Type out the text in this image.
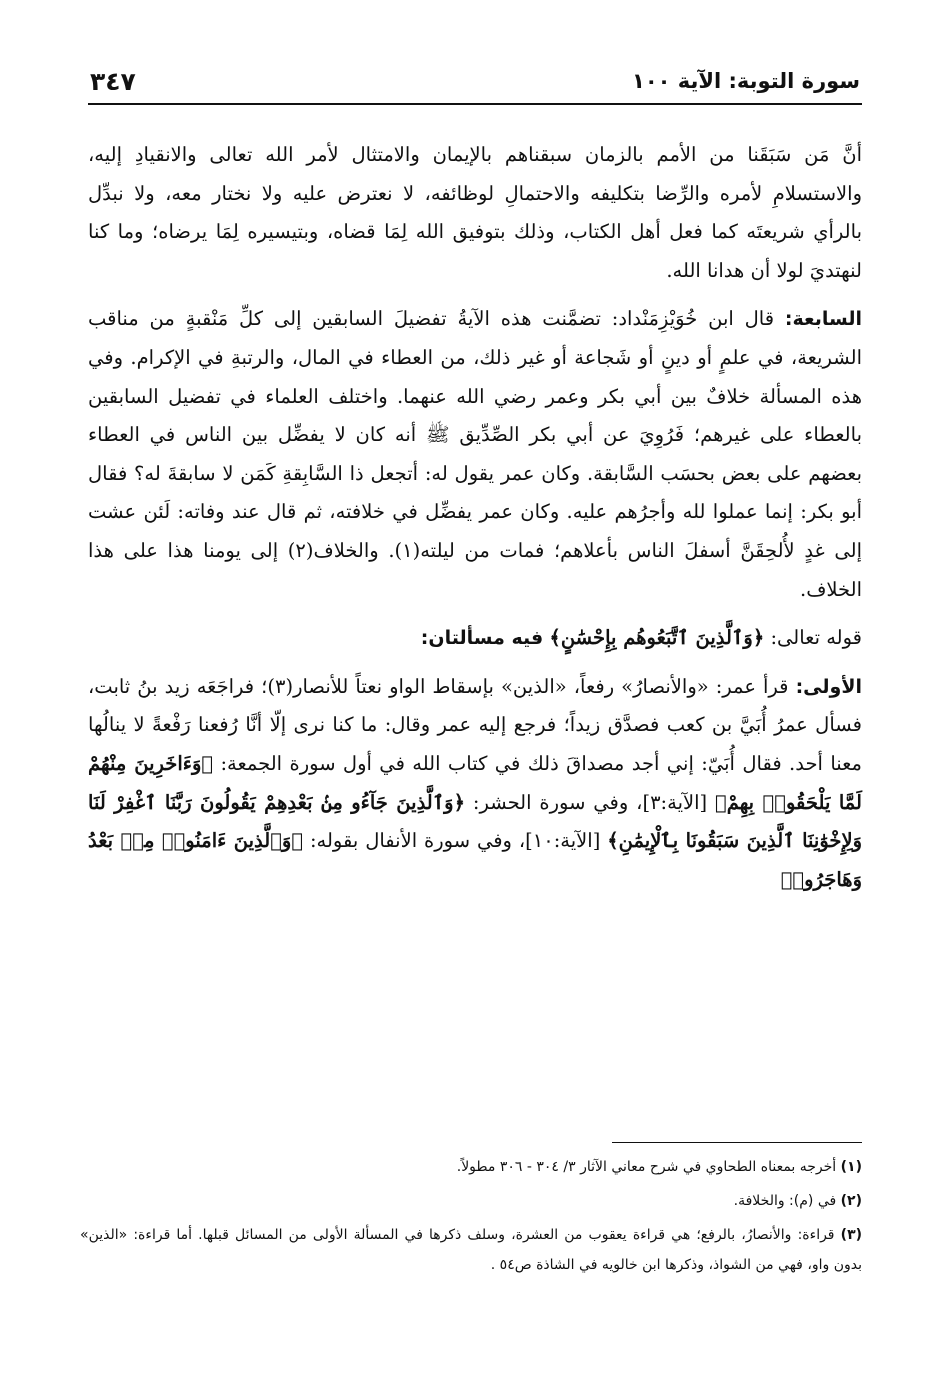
سورة التوبة: الآية ١٠٠
٣٤٧

أنَّ مَن سَبَقَنا من الأمم بالزمان سبقناهم بالإيمان والامتثال لأمر الله تعالى والانقيادِ إليه، والاستسلامِ لأمره والرِّضا بتكليفه والاحتمالِ لوظائفه، لا نعترض عليه ولا نختار معه، ولا نبدِّل بالرأي شريعتَه كما فعل أهل الكتاب، وذلك بتوفيق الله لِمَا قضاه، وبتيسيره لِمَا يرضاه؛ وما كنا لنهتديَ لولا أن هدانا الله.

السابعة: قال ابن خُوَيْزِمَنْداد: تضمَّنت هذه الآيةُ تفضيلَ السابقين إلى كلِّ مَنْقبةٍ من مناقب الشريعة، في علمٍ أو دينٍ أو شَجاعة أو غير ذلك، من العطاء في المال، والرتبةِ في الإكرام. وفي هذه المسألة خلافٌ بين أبي بكر وعمر رضي الله عنهما. واختلف العلماء في تفضيل السابقين بالعطاء على غيرهم؛ فَرُوِيَ عن أبي بكر الصِّدِّيق ﷺ أنه كان لا يفضِّل بين الناس في العطاء بعضهم على بعض بحسَب السَّابقة. وكان عمر يقول له: أتجعل ذا السَّابِقةِ كَمَن لا سابقةَ له؟ فقال أبو بكر: إنما عملوا لله وأجرُهم عليه. وكان عمر يفضِّل في خلافته، ثم قال عند وفاته: لَئن عشت إلى غدٍ لأُلحِقَنَّ أسفلَ الناس بأعلاهم؛ فمات من ليلته(١). والخلاف(٢) إلى يومنا هذا على هذا الخلاف.

قوله تعالى: ﴿وَٱلَّذِينَ ٱتَّبَعُوهُم بِإِحْسَٰنٍ﴾ فيه مسألتان:

الأولى: قرأ عمر: «والأنصارُ» رفعاً، «الذين» بإسقاط الواو نعتاً للأنصار(٣)؛ فراجَعَه زيد بنُ ثابت، فسأل عمرُ أُبَيَّ بن كعب فصدَّق زيداً؛ فرجع إليه عمر وقال: ما كنا نرى إلّا أنَّا رُفعنا رَفْعةً لا ينالُها معنا أحد. فقال أُبَيّ: إني أجد مصداقَ ذلك في كتاب الله في أول سورة الجمعة: ﴿وَءَاخَرِينَ مِنْهُمْ لَمَّا يَلْحَقُوا۟ بِهِمْ﴾ [الآية:٣]، وفي سورة الحشر: ﴿وَٱلَّذِينَ جَآءُو مِنۢ بَعْدِهِمْ يَقُولُونَ رَبَّنَا ٱغْفِرْ لَنَا وَلِإِخْوَٰنِنَا ٱلَّذِينَ سَبَقُونَا بِٱلْإِيمَٰنِ﴾ [الآية:١٠]، وفي سورة الأنفال بقوله: ﴿وَٱلَّذِينَ ءَامَنُوا۟ مِنۢ بَعْدُ وَهَاجَرُوا۟

(١) أخرجه بمعناه الطحاوي في شرح معاني الآثار ٣/ ٣٠٤ - ٣٠٦ مطولاً.

(٢) في (م): والخلافة.

(٣) قراءة: والأنصارُ، بالرفع؛ هي قراءة يعقوب من العشرة، وسلف ذكرها في المسألة الأولى من المسائل قبلها. أما قراءة: «الذين» بدون واو، فهي من الشواذ، وذكرها ابن خالويه في الشاذة ص٥٤ .
